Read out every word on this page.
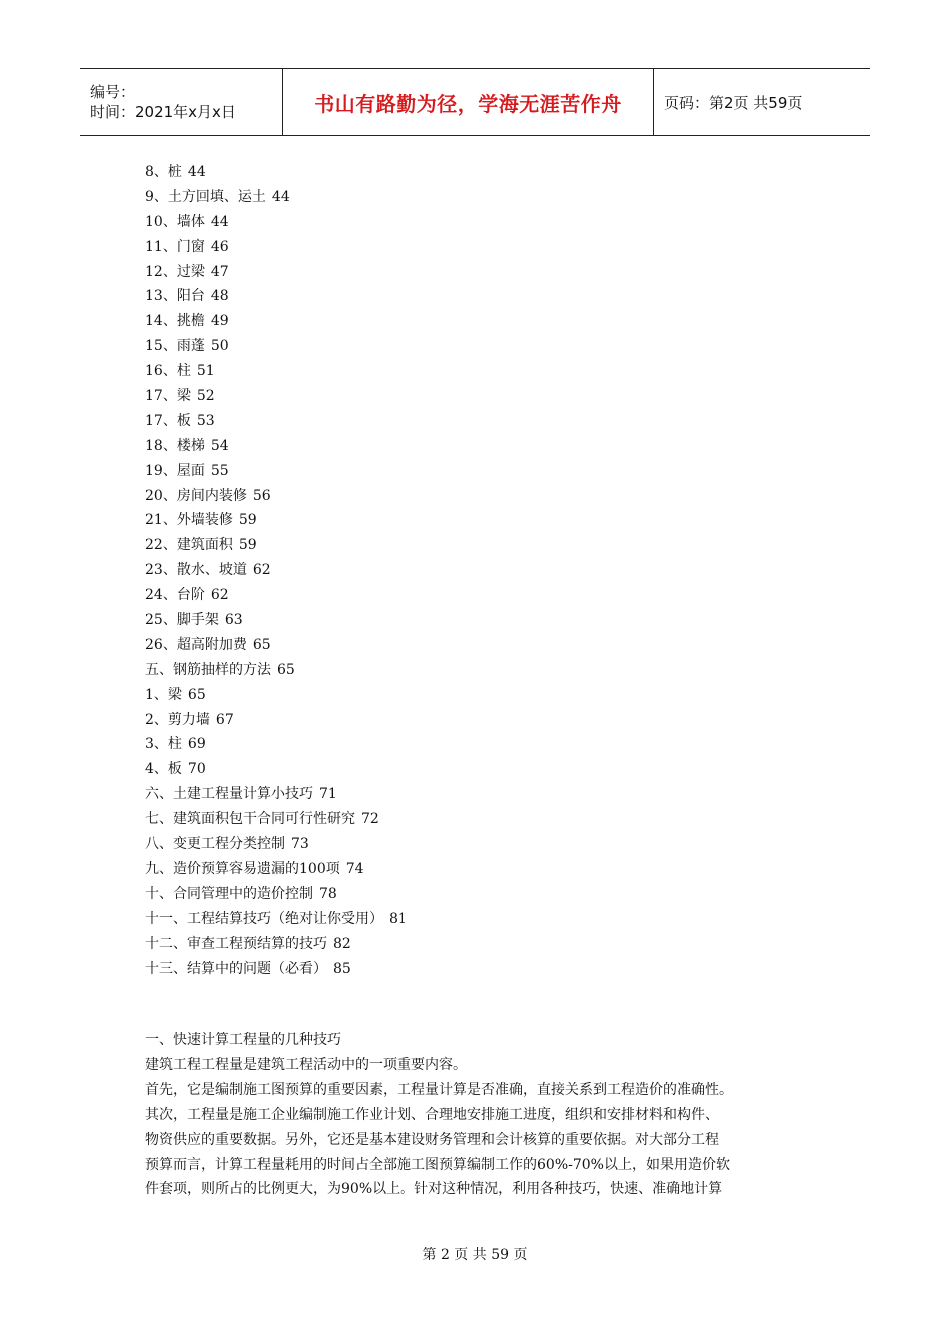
编号：
时间：2021年x月x日	书山有路勤为径，学海无涯苦作舟	页码：第2页 共59页
8、桩 44
9、土方回填、运土 44
10、墙体 44
11、门窗 46
12、过梁 47
13、阳台 48
14、挑檐 49
15、雨蓬 50
16、柱 51
17、梁 52
17、板 53
18、楼梯 54
19、屋面 55
20、房间内装修 56
21、外墙装修 59
22、建筑面积 59
23、散水、坡道 62
24、台阶 62
25、脚手架 63
26、超高附加费 65
五、钢筋抽样的方法 65
1、梁 65
2、剪力墙 67
3、柱 69
4、板 70
六、土建工程量计算小技巧 71
七、建筑面积包干合同可行性研究 72
八、变更工程分类控制 73
九、造价预算容易遗漏的100项 74
十、合同管理中的造价控制 78
十一、工程结算技巧（绝对让你受用） 81
十二、审查工程预结算的技巧 82
十三、结算中的问题（必看） 85

一、快速计算工程量的几种技巧

建筑工程工程量是建筑工程活动中的一项重要内容。

首先，它是编制施工图预算的重要因素，工程量计算是否准确，直接关系到工程造价的准确性。

其次，工程量是施工企业编制施工作业计划、合理地安排施工进度，组织和安排材料和构件、

物资供应的重要数据。另外，它还是基本建设财务管理和会计核算的重要依据。对大部分工程

预算而言，计算工程量耗用的时间占全部施工图预算编制工作的60%-70%以上，如果用造价软

件套项，则所占的比例更大，为90%以上。针对这种情况，利用各种技巧，快速、准确地计算

第 2 页 共 59 页
